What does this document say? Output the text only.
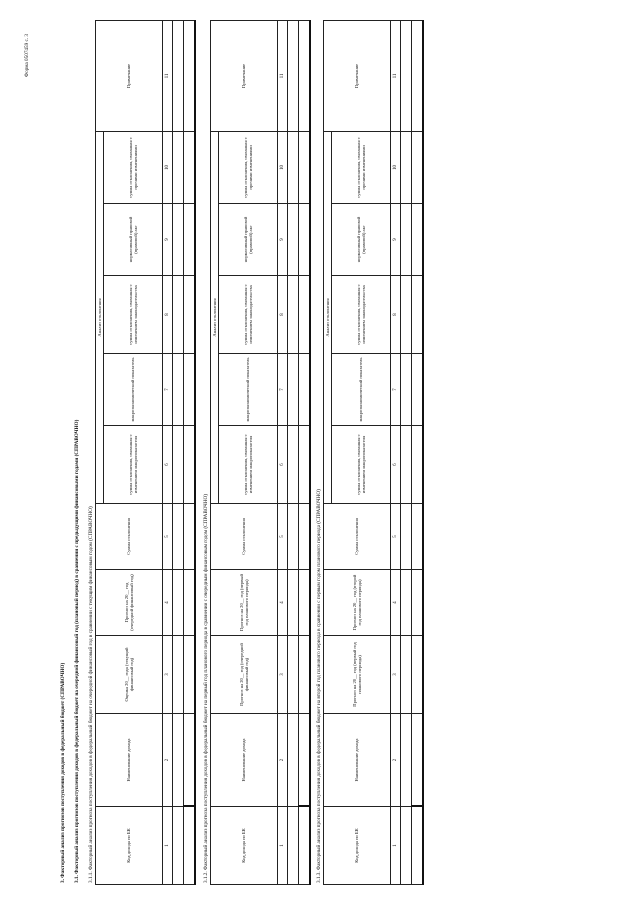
Форма 0507459 с. 3
3. Факторный анализ прогнозов поступления доходов в федеральный бюджет (СПРАВОЧНО) 3.1. Факторный анализ прогнозов поступления доходов в федеральный бюджет на очередной финансовый год (плановый период) в сравнении с предыдущими финансовыми годами (СПРАВОЧНО) 3.1.1. Факторный анализ прогноза поступления доходов в федеральный бюджет на очередной финансовый год в сравнении с текущим финансовым годом (СПРАВОЧНО)	Код дохода по БК	Наименование дохода	Оценка 20__ года (текущий финансовый год)	Прогноз на 20__ год (очередной финансовый год)	Сумма отклонения	Анализ отклонения					Примечание
					сумма отклонения, связанная с изменением макропоказателя	макроэкономический показатель	сумма отклонения, связанная с изменением законодательства	нормативный правовой (правовой) акт	сумма отклонения, связанная с прочими изменениями	
1	2	3	4	5	6	7	8	9	10	11

3.1.2. Факторный анализ прогноза поступления доходов в федеральный бюджет на первый год планового периода в сравнении с очередным финансовым годом (СПРАВОЧНО)	Код дохода по БК	Наименование дохода	Прогноз на 20__ год (очередной финансовый год)	Прогноз на 20__ год (первый год планового периода)	Сумма отклонения	Анализ отклонения					Примечание
					сумма отклонения, связанная с изменением макропоказателя	макроэкономический показатель	сумма отклонения, связанная с изменением законодательства	нормативный правовой (правовой) акт	сумма отклонения, связанная с прочими изменениями	
1	2	3	4	5	6	7	8	9	10	11

3.1.3. Факторный анализ прогноза поступления доходов в федеральный бюджет на второй год планового периода в сравнении с первым годом планового периода (СПРАВОЧНО)	Код дохода по БК	Наименование дохода	Прогноз на 20__ год (первый год планового периода)	Прогноз на 20__ год (второй год планового периода)	Сумма отклонения	Анализ отклонения					Примечание
					сумма отклонения, связанная с изменением макропоказателя	макроэкономический показатель	сумма отклонения, связанная с изменением законодательства	нормативный правовой (правовой) акт	сумма отклонения, связанная с прочими изменениями	
1	2	3	4	5	6	7	8	9	10	11
